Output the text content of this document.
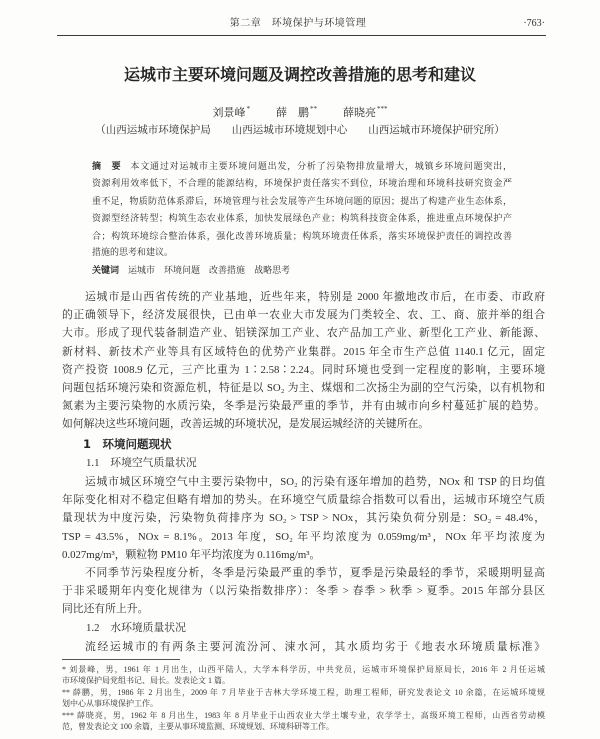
第二章　环境保护与环境管理	·763·
运城市主要环境问题及调控改善措施的思考和建议
刘景峰* 薛　鹏** 薛晓亮***
（山西运城市环境保护局　　山西运城市环境规划中心　　山西运城市环境保护研究所）
摘　要 本文通过对运城市主要环境问题出发，分析了污染物排放量增大，城镇乡环境问题突出，
资源利用效率低下，不合理的能源结构，环境保护责任落实不到位，环境治理和环境科技研究资金严
重不足，物质防范体系滞后，环境管理与社会发展等产生环境问题的原因；提出了构建产业生态体系，
资源型经济转型；构筑生态农业体系，加快发展绿色产业；构筑科技资金体系，推进重点环境保护产
合；构筑环境综合整治体系，强化改善环境质量；构筑环境责任体系，落实环境保护责任的调控改善
措施的思考和建议。
关键词 运城市 环境问题 改善措施 战略思考
运城市是山西省传统的产业基地，近些年来，特别是 2000 年撤地改市后，在市委、市政府
的正确领导下，经济发展很快，已由单一农业大市发展为门类较全、农、工、商、旅并举的组合
大市。形成了现代装备制造产业、铝镁深加工产业、农产品加工产业、新型化工产业、新能源、
新材料、新技术产业等具有区域特色的优势产业集群。2015 年全市生产总值 1140.1 亿元，固定
资产投资 1008.9 亿元，三产比重为 1∶2.58∶2.24。同时环境也受到一定程度的影响，主要环境
问题包括环境污染和资源危机，特征是以 SO₂ 为主、煤烟和二次扬尘为副的空气污染，以有机物和
氮素为主要污染物的水质污染，冬季是污染最严重的季节，并有由城市向乡村蔓延扩展的趋势。
如何解决这些环境问题，改善运城的环境状况，是发展运城经济的关键所在。
1　环境问题现状
1.1　环境空气质量状况
运城市城区环境空气中主要污染物中，SO₂ 的污染有逐年增加的趋势，NOx 和 TSP 的日均值
年际变化相对不稳定但略有增加的势头。在环境空气质量综合指数可以看出，运城市环境空气质
量现状为中度污染，污染物负荷排序为 SO₂ > TSP > NOx，其污染负荷分别是：SO₂ = 48.4%，
TSP = 43.5%，NOx = 8.1%。2013 年度，SO₂ 年平均浓度为 0.059mg/m³，NOx 年平均浓度为
0.027mg/m³，颗粒物 PM10 年平均浓度为 0.116mg/m³。
不同季节污染程度分析，冬季是污染最严重的季节，夏季是污染最轻的季节，采暖期明显高
于非采暖期年内变化规律为（以污染指数排序）：冬季 > 春季 > 秋季 > 夏季。2015 年部分县区
同比还有所上升。
1.2　水环境质量状况
流经运城市的有两条主要河流汾河、涑水河，其水质均劣于《地表水环境质量标准》
* 刘景峰，男，1961 年 1 月出生，山西平陆人，大学本科学历，中共党员，运城市环境保护局原局长，2016 年 2 月任运城
市环境保护局党组书记、局长。发表论文 1 篇。
** 薛鹏，男，1986 年 2 月出生，2009 年 7 月毕业于吉林大学环境工程，助理工程师，研究发表论文 10 余篇，在运城环境规
划中心从事环境保护工作。
*** 薛晓亮，男，1962 年 8 月出生，1983 年 8 月毕业于山西农业大学土壤专业，农学学士，高级环境工程师，山西省劳动模
范，曾发表论文 100 余篇，主要从事环境监测、环境规划、环境科研等工作。
